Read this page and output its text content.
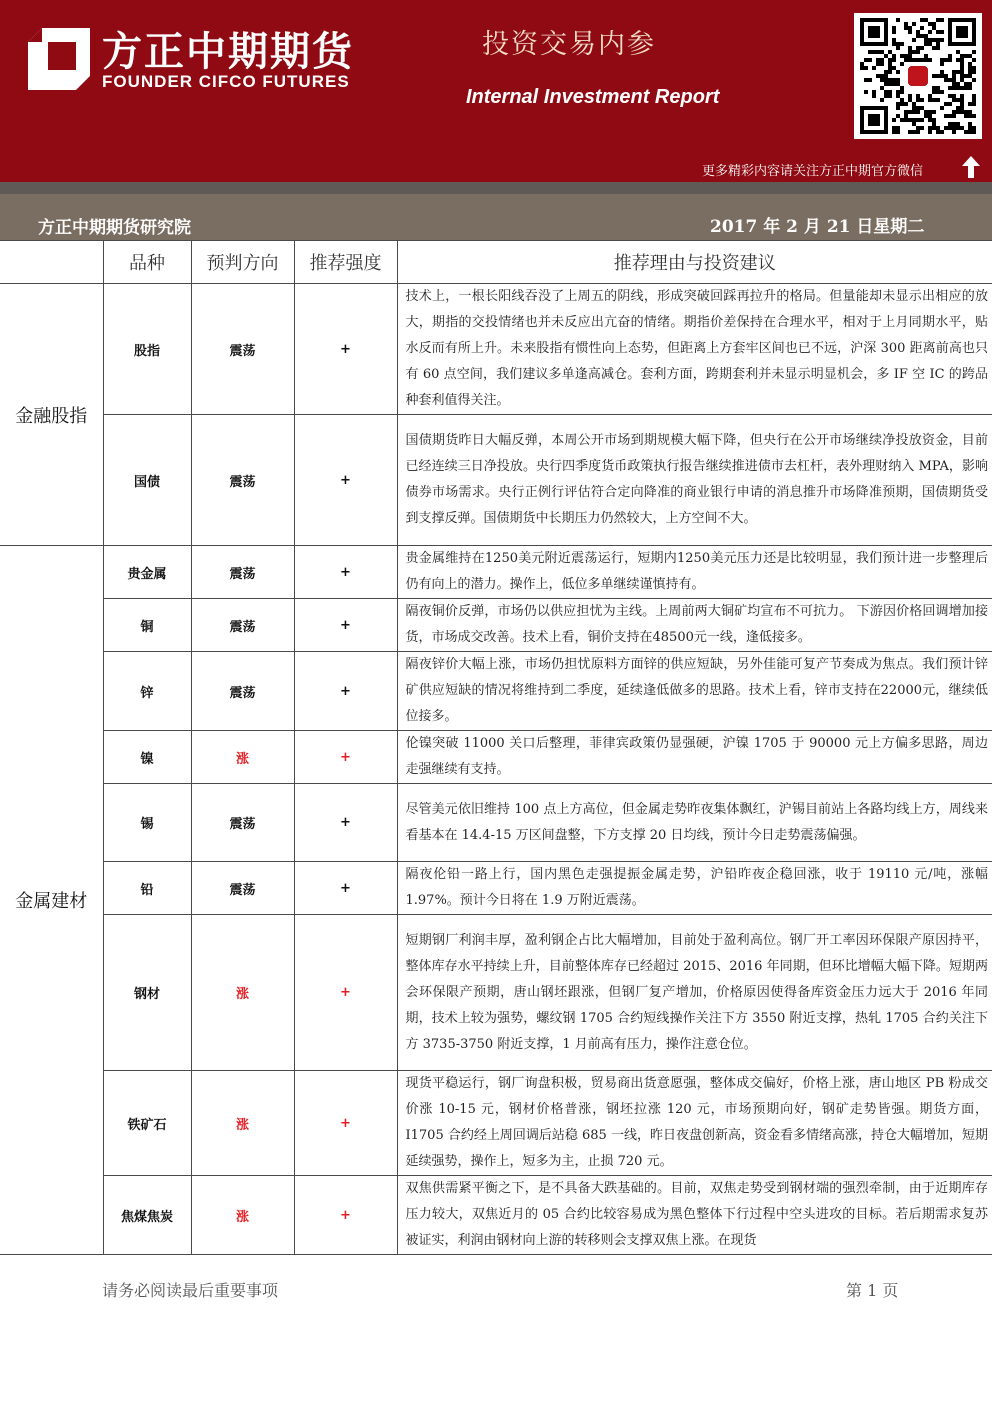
方正中期期货
FOUNDER CIFCO FUTURES
投资交易内参
Internal Investment Report
更多精彩内容请关注方正中期官方微信
方正中期期货研究院	2017 年 2 月 21 日星期二
	品种	预判方向	推荐强度	推荐理由与投资建议
金融股指	股指	震荡	+	技术上，一根长阳线吞没了上周五的阴线，形成突破回踩再拉升的格局。但量能却未显示出相应的放大，期指的交投情绪也并未反应出亢奋的情绪。期指价差保持在合理水平，相对于上月同期水平，贴水反而有所上升。未来股指有惯性向上态势，但距离上方套牢区间也已不远，沪深 300 距离前高也只有 60 点空间，我们建议多单逢高减仓。套利方面，跨期套利并未显示明显机会，多 IF 空 IC 的跨品种套利值得关注。
	国债	震荡	+	国债期货昨日大幅反弹，本周公开市场到期规模大幅下降，但央行在公开市场继续净投放资金，目前已经连续三日净投放。央行四季度货币政策执行报告继续推进债市去杠杆，表外理财纳入 MPA，影响债券市场需求。央行正例行评估符合定向降准的商业银行申请的消息推升市场降准预期，国债期货受到支撑反弹。国债期货中长期压力仍然较大，上方空间不大。
金属建材	贵金属	震荡	+	贵金属维持在1250美元附近震荡运行，短期内1250美元压力还是比较明显，我们预计进一步整理后仍有向上的潜力。操作上，低位多单继续谨慎持有。
	铜	震荡	+	隔夜铜价反弹，市场仍以供应担忧为主线。上周前两大铜矿均宣布不可抗力。 下游因价格回调增加接货，市场成交改善。技术上看，铜价支持在48500元一线，逢低接多。
	锌	震荡	+	隔夜锌价大幅上涨，市场仍担忧原料方面锌的供应短缺，另外佳能可复产节奏成为焦点。我们预计锌矿供应短缺的情况将维持到二季度，延续逢低做多的思路。技术上看，锌市支持在22000元，继续低位接多。
	镍	涨	+	伦镍突破 11000 关口后整理，菲律宾政策仍显强硬，沪镍 1705 于 90000 元上方偏多思路，周边走强继续有支持。
	锡	震荡	+	尽管美元依旧维持 100 点上方高位，但金属走势昨夜集体飘红，沪锡目前站上各路均线上方，周线来看基本在 14.4-15 万区间盘整，下方支撑 20 日均线，预计今日走势震荡偏强。
	铅	震荡	+	隔夜伦铅一路上行，国内黑色走强提振金属走势，沪铅昨夜企稳回涨，收于 19110 元/吨，涨幅 1.97%。预计今日将在 1.9 万附近震荡。
	钢材	涨	+	短期钢厂利润丰厚，盈利钢企占比大幅增加，目前处于盈利高位。钢厂开工率因环保限产原因持平，整体库存水平持续上升，目前整体库存已经超过 2015、2016 年同期，但环比增幅大幅下降。短期两会环保限产预期，唐山钢坯跟涨，但钢厂复产增加，价格原因使得备库资金压力远大于 2016 年同期，技术上较为强势，螺纹钢 1705 合约短线操作关注下方 3550 附近支撑，热轧 1705 合约关注下方 3735-3750 附近支撑，1 月前高有压力，操作注意仓位。
	铁矿石	涨	+	现货平稳运行，钢厂询盘积极，贸易商出货意愿强，整体成交偏好，价格上涨，唐山地区 PB 粉成交价涨 10-15 元，钢材价格普涨，钢坯拉涨 120 元，市场预期向好，钢矿走势皆强。期货方面，I1705 合约经上周回调后站稳 685 一线，昨日夜盘创新高，资金看多情绪高涨，持仓大幅增加，短期延续强势，操作上，短多为主，止损 720 元。
	焦煤焦炭	涨	+	双焦供需紧平衡之下，是不具备大跌基础的。目前，双焦走势受到钢材端的强烈牵制，由于近期库存压力较大，双焦近月的 05 合约比较容易成为黑色整体下行过程中空头进攻的目标。若后期需求复苏被证实，利润由钢材向上游的转移则会支撑双焦上涨。在现货
请务必阅读最后重要事项	第 1 页
